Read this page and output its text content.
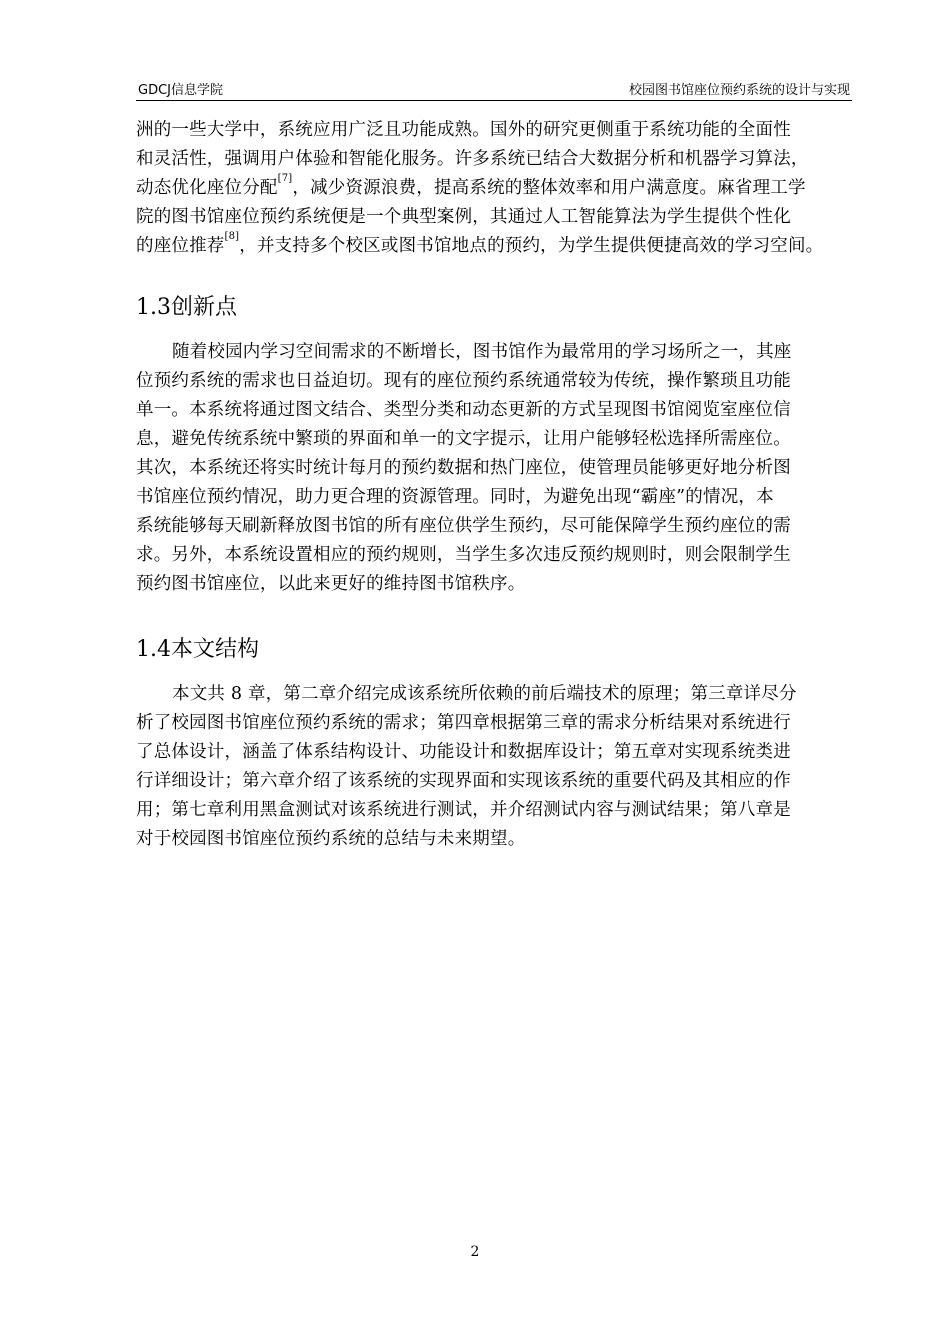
GDCJ信息学院	校园图书馆座位预约系统的设计与实现
洲的一些大学中，系统应用广泛且功能成熟。国外的研究更侧重于系统功能的全面性
和灵活性，强调用户体验和智能化服务。许多系统已结合大数据分析和机器学习算法，
动态优化座位分配[7]，减少资源浪费，提高系统的整体效率和用户满意度。麻省理工学
院的图书馆座位预约系统便是一个典型案例，其通过人工智能算法为学生提供个性化
的座位推荐[8]，并支持多个校区或图书馆地点的预约，为学生提供便捷高效的学习空间。
1.3创新点
随着校园内学习空间需求的不断增长，图书馆作为最常用的学习场所之一，其座
位预约系统的需求也日益迫切。现有的座位预约系统通常较为传统，操作繁琐且功能
单一。本系统将通过图文结合、类型分类和动态更新的方式呈现图书馆阅览室座位信
息，避免传统系统中繁琐的界面和单一的文字提示，让用户能够轻松选择所需座位。
其次，本系统还将实时统计每月的预约数据和热门座位，使管理员能够更好地分析图
书馆座位预约情况，助力更合理的资源管理。同时，为避免出现“霸座”的情况，本
系统能够每天刷新释放图书馆的所有座位供学生预约，尽可能保障学生预约座位的需
求。另外，本系统设置相应的预约规则，当学生多次违反预约规则时，则会限制学生
预约图书馆座位，以此来更好的维持图书馆秩序。
1.4本文结构
本文共 8 章，第二章介绍完成该系统所依赖的前后端技术的原理；第三章详尽分
析了校园图书馆座位预约系统的需求；第四章根据第三章的需求分析结果对系统进行
了总体设计，涵盖了体系结构设计、功能设计和数据库设计；第五章对实现系统类进
行详细设计；第六章介绍了该系统的实现界面和实现该系统的重要代码及其相应的作
用；第七章利用黑盒测试对该系统进行测试，并介绍测试内容与测试结果；第八章是
对于校园图书馆座位预约系统的总结与未来期望。
2
